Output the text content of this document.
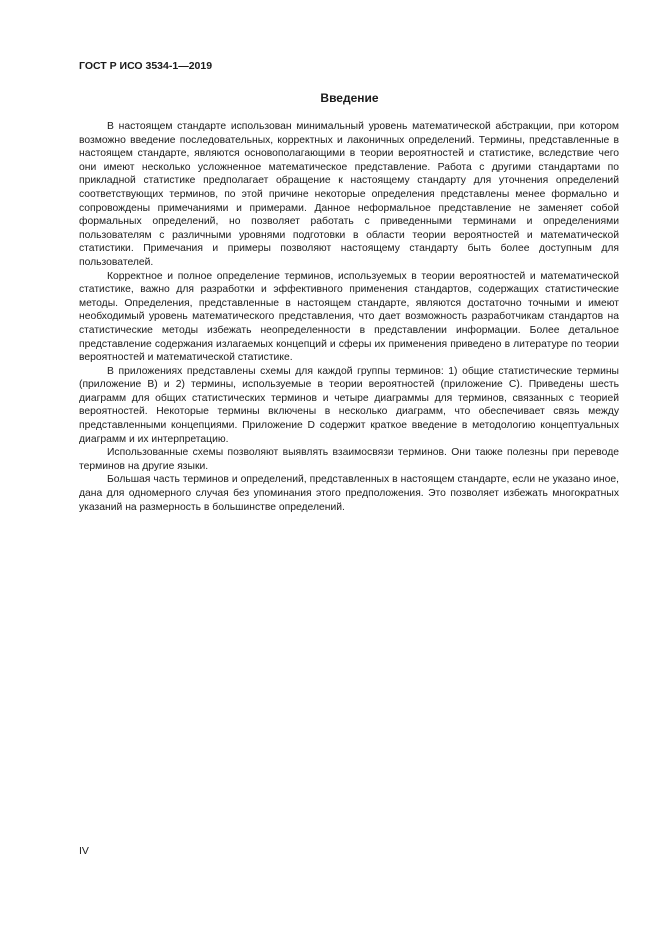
ГОСТ Р ИСО 3534-1—2019
Введение

В настоящем стандарте использован минимальный уровень математической абстракции, при котором возможно введение последовательных, корректных и лаконичных определений. Термины, представленные в настоящем стандарте, являются основополагающими в теории вероятностей и статистике, вследствие чего они имеют несколько усложненное математическое представление. Работа с другими стандартами по прикладной статистике предполагает обращение к настоящему стандарту для уточнения определений соответствующих терминов, по этой причине некоторые определения представлены менее формально и сопровождены примечаниями и примерами. Данное неформальное представление не заменяет собой формальных определений, но позволяет работать с приведенными терминами и определениями пользователям с различными уровнями подготовки в области теории вероятностей и математической статистики. Примечания и примеры позволяют настоящему стандарту быть более доступным для пользователей.

Корректное и полное определение терминов, используемых в теории вероятностей и математической статистике, важно для разработки и эффективного применения стандартов, содержащих статистические методы. Определения, представленные в настоящем стандарте, являются достаточно точными и имеют необходимый уровень математического представления, что дает возможность разработчикам стандартов на статистические методы избежать неопределенности в представлении информации. Более детальное представление содержания излагаемых концепций и сферы их применения приведено в литературе по теории вероятностей и математической статистике.

В приложениях представлены схемы для каждой группы терминов: 1) общие статистические термины (приложение B) и 2) термины, используемые в теории вероятностей (приложение C). Приведены шесть диаграмм для общих статистических терминов и четыре диаграммы для терминов, связанных с теорией вероятностей. Некоторые термины включены в несколько диаграмм, что обеспечивает связь между представленными концепциями. Приложение D содержит краткое введение в методологию концептуальных диаграмм и их интерпретацию.

Использованные схемы позволяют выявлять взаимосвязи терминов. Они также полезны при переводе терминов на другие языки.

Большая часть терминов и определений, представленных в настоящем стандарте, если не указано иное, дана для одномерного случая без упоминания этого предположения. Это позволяет избежать многократных указаний на размерность в большинстве определений.

IV
